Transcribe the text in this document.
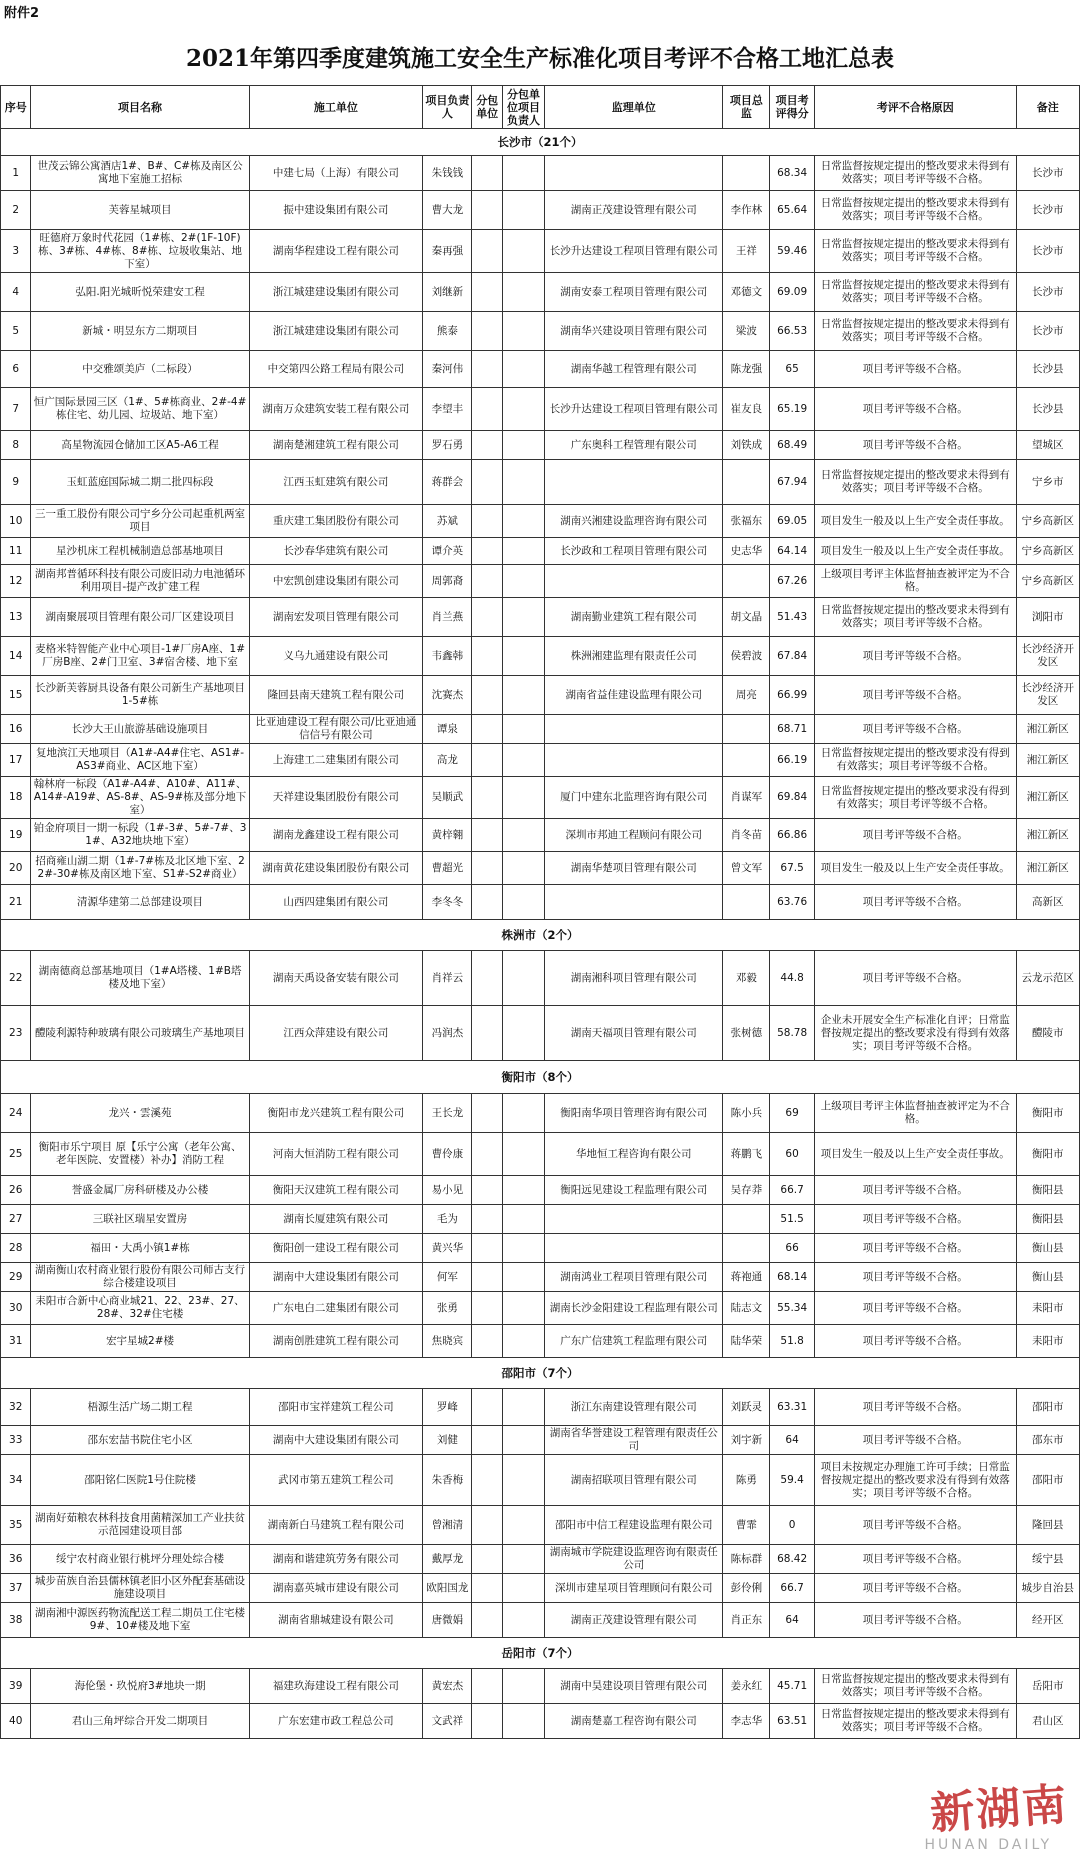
附件2
2021年第四季度建筑施工安全生产标准化项目考评不合格工地汇总表
序号	项目名称	施工单位	项目负责人	分包单位	分包单位项目负责人	监理单位	项目总监	项目考评得分	考评不合格原因	备注
长沙市（21个）										
1	世茂云锦公寓酒店1#、B#、C#栋及南区公寓地下室施工招标	中建七局（上海）有限公司	朱钱钱					68.34	日常监督按规定提出的整改要求未得到有效落实；项目考评等级不合格。	长沙市
2	芙蓉星城项目	振中建设集团有限公司	曹大龙			湖南正茂建设管理有限公司	李作林	65.64	日常监督按规定提出的整改要求未得到有效落实；项目考评等级不合格。	长沙市
3	旺德府万象时代花园（1#栋、2#(1F-10F)栋、3#栋、4#栋、8#栋、垃圾收集站、地下室）	湖南华程建设工程有限公司	秦再强			长沙升达建设工程项目管理有限公司	王祥	59.46	日常监督按规定提出的整改要求未得到有效落实；项目考评等级不合格。	长沙市
4	弘阳.阳光城昕悦荣建安工程	浙江城建建设集团有限公司	刘继新			湖南安泰工程项目管理有限公司	邓德文	69.09	日常监督按规定提出的整改要求未得到有效落实；项目考评等级不合格。	长沙市
5	新城・明昱东方二期项目	浙江城建建设集团有限公司	熊泰			湖南华兴建设项目管理有限公司	梁波	66.53	日常监督按规定提出的整改要求未得到有效落实；项目考评等级不合格。	长沙市
6	中交雅颂美庐（二标段）	中交第四公路工程局有限公司	秦河伟			湖南华越工程管理有限公司	陈龙强	65	项目考评等级不合格。	长沙县
7	恒广国际景园三区（1#、5#栋商业、2#-4#栋住宅、幼儿园、垃圾站、地下室）	湖南万众建筑安装工程有限公司	李望丰			长沙升达建设工程项目管理有限公司	崔友良	65.19	项目考评等级不合格。	长沙县
8	高星物流园仓储加工区A5-A6工程	湖南楚湘建筑工程有限公司	罗石勇			广东奥科工程管理有限公司	刘铁成	68.49	项目考评等级不合格。	望城区
9	玉虹蓝庭国际城二期二批四标段	江西玉虹建筑有限公司	蒋群会					67.94	日常监督按规定提出的整改要求未得到有效落实；项目考评等级不合格。	宁乡市
10	三一重工股份有限公司宁乡分公司起重机两室项目	重庆建工集团股份有限公司	苏斌			湖南兴湘建设监理咨询有限公司	张福东	69.05	项目发生一般及以上生产安全责任事故。	宁乡高新区
11	星沙机床工程机械制造总部基地项目	长沙春华建筑有限公司	谭介英			长沙政和工程项目管理有限公司	史志华	64.14	项目发生一般及以上生产安全责任事故。	宁乡高新区
12	湖南邦普循环科技有限公司废旧动力电池循环利用项目-提产改扩建工程	中宏凯创建设集团有限公司	周郭裔					67.26	上级项目考评主体监督抽查被评定为不合格。	宁乡高新区
13	湖南聚展项目管理有限公司厂区建设项目	湖南宏发项目管理有限公司	肖兰燕			湖南勤业建筑工程有限公司	胡文晶	51.43	日常监督按规定提出的整改要求未得到有效落实；项目考评等级不合格。	浏阳市
14	麦格米特智能产业中心项目-1#厂房A座、1#厂房B座、2#门卫室、3#宿舍楼、地下室	义乌九通建设有限公司	韦鑫韩			株洲湘建监理有限责任公司	侯碧波	67.84	项目考评等级不合格。	长沙经济开发区
15	长沙新芙蓉厨具设备有限公司新生产基地项目1-5#栋	隆回县南天建筑工程有限公司	沈赛杰			湖南省益佳建设监理有限公司	周亮	66.99	项目考评等级不合格。	长沙经济开发区
16	长沙大王山旅游基础设施项目	比亚迪建设工程有限公司/比亚迪通信信号有限公司	谭泉					68.71	项目考评等级不合格。	湘江新区
17	复地滨江天地项目（A1#-A4#住宅、AS1#-AS3#商业、AC区地下室）	上海建工二建集团有限公司	高龙					66.19	日常监督按规定提出的整改要求没有得到有效落实；项目考评等级不合格。	湘江新区
18	翰林府一标段（A1#-A4#、A10#、A11#、A14#-A19#、AS-8#、AS-9#栋及部分地下室）	天祥建设集团股份有限公司	吴顺武			厦门中建东北监理咨询有限公司	肖谋军	69.84	日常监督按规定提出的整改要求没有得到有效落实；项目考评等级不合格。	湘江新区
19	铂金府项目一期一标段（1#-3#、5#-7#、31#、A32地块地下室）	湖南龙鑫建设工程有限公司	黄梓翱			深圳市邦迪工程顾问有限公司	肖冬苗	66.86	项目考评等级不合格。	湘江新区
20	招商雍山湖二期（1#-7#栋及北区地下室、22#-30#栋及南区地下室、S1#-S2#商业）	湖南黄花建设集团股份有限公司	曹超光			湖南华楚项目管理有限公司	曾文军	67.5	项目发生一般及以上生产安全责任事故。	湘江新区
21	清源华建第二总部建设项目	山西四建集团有限公司	李冬冬					63.76	项目考评等级不合格。	高新区
株洲市（2个）										
22	湖南德商总部基地项目（1#A塔楼、1#B塔楼及地下室）	湖南天禹设备安装有限公司	肖祥云			湖南湘科项目管理有限公司	邓毅	44.8	项目考评等级不合格。	云龙示范区
23	醴陵利源特种玻璃有限公司玻璃生产基地项目	江西众萍建设有限公司	冯润杰			湖南天福项目管理有限公司	张树德	58.78	企业未开展安全生产标准化自评；日常监督按规定提出的整改要求没有得到有效落实；项目考评等级不合格。	醴陵市
衡阳市（8个）										
24	龙兴・雲溪苑	衡阳市龙兴建筑工程有限公司	王长龙			衡阳南华项目管理咨询有限公司	陈小兵	69	上级项目考评主体监督抽查被评定为不合格。	衡阳市
25	衡阳市乐宁项目 原【乐宁公寓（老年公寓、老年医院、安置楼）补办】消防工程	河南大恒消防工程有限公司	曹伶康			华地恒工程咨询有限公司	蒋鹏飞	60	项目发生一般及以上生产安全责任事故。	衡阳市
26	誉盛金属厂房科研楼及办公楼	衡阳天汉建筑工程有限公司	易小见			衡阳远见建设工程监理有限公司	吴存莽	66.7	项目考评等级不合格。	衡阳县
27	三联社区瑞星安置房	湖南长厦建筑有限公司	毛为					51.5	项目考评等级不合格。	衡阳县
28	福田・大禹小镇1#栋	衡阳创一建设工程有限公司	黄兴华					66	项目考评等级不合格。	衡山县
29	湖南衡山农村商业银行股份有限公司师古支行综合楼建设项目	湖南中大建设集团有限公司	何军			湖南鸿业工程项目管理有限公司	蒋袍通	68.14	项目考评等级不合格。	衡山县
30	耒阳市合新中心商业城21、22、23#、27、28#、32#住宅楼	广东电白二建集团有限公司	张勇			湖南长沙金阳建设工程监理有限公司	陆志文	55.34	项目考评等级不合格。	耒阳市
31	宏宇星城2#楼	湖南创胜建筑工程有限公司	焦晓宾			广东广信建筑工程监理有限公司	陆华荣	51.8	项目考评等级不合格。	耒阳市
邵阳市（7个）										
32	梧源生活广场二期工程	邵阳市宝祥建筑工程公司	罗峰			浙江东南建设管理有限公司	刘跃灵	63.31	项目考评等级不合格。	邵阳市
33	邵东宏喆书院住宅小区	湖南中大建设集团有限公司	刘健			湖南省华誉建设工程管理有限责任公司	刘宇新	64	项目考评等级不合格。	邵东市
34	邵阳铭仁医院1号住院楼	武冈市第五建筑工程公司	朱香梅			湖南招联项目管理有限公司	陈勇	59.4	项目未按规定办理施工许可手续；日常监督按规定提出的整改要求没有得到有效落实；项目考评等级不合格。	邵阳市
35	湖南好茹粮农林科技食用菌精深加工产业扶贫示范园建设项目部	湖南新白马建筑工程有限公司	曾湘清			邵阳市中信工程建设监理有限公司	曹霏	0	项目考评等级不合格。	隆回县
36	绥宁农村商业银行桃坪分理处综合楼	湖南和谐建筑劳务有限公司	戴厚龙			湖南城市学院建设监理咨询有限责任公司	陈标群	68.42	项目考评等级不合格。	绥宁县
37	城步苗族自治县儒林镇老旧小区外配套基础设施建设项目	湖南嘉英城市建设有限公司	欧阳国龙			深圳市建星项目管理顾问有限公司	彭伶俐	66.7	项目考评等级不合格。	城步自治县
38	湖南湘中源医药物流配送工程二期员工住宅楼9#、10#楼及地下室	湖南省鼎城建设有限公司	唐微娟			湖南正茂建设管理有限公司	肖正东	64	项目考评等级不合格。	经开区
岳阳市（7个）										
39	海伦堡・玖悦府3#地块一期	福建玖海建设工程有限公司	黄宏杰			湖南中昊建设项目管理有限公司	姜永红	45.71	日常监督按规定提出的整改要求未得到有效落实；项目考评等级不合格。	岳阳市
40	君山三角坪综合开发二期项目	广东宏建市政工程总公司	文武祥			湖南楚嘉工程咨询有限公司	李志华	63.51	日常监督按规定提出的整改要求未得到有效落实；项目考评等级不合格。	君山区
新湖南
HUNAN DAILY
